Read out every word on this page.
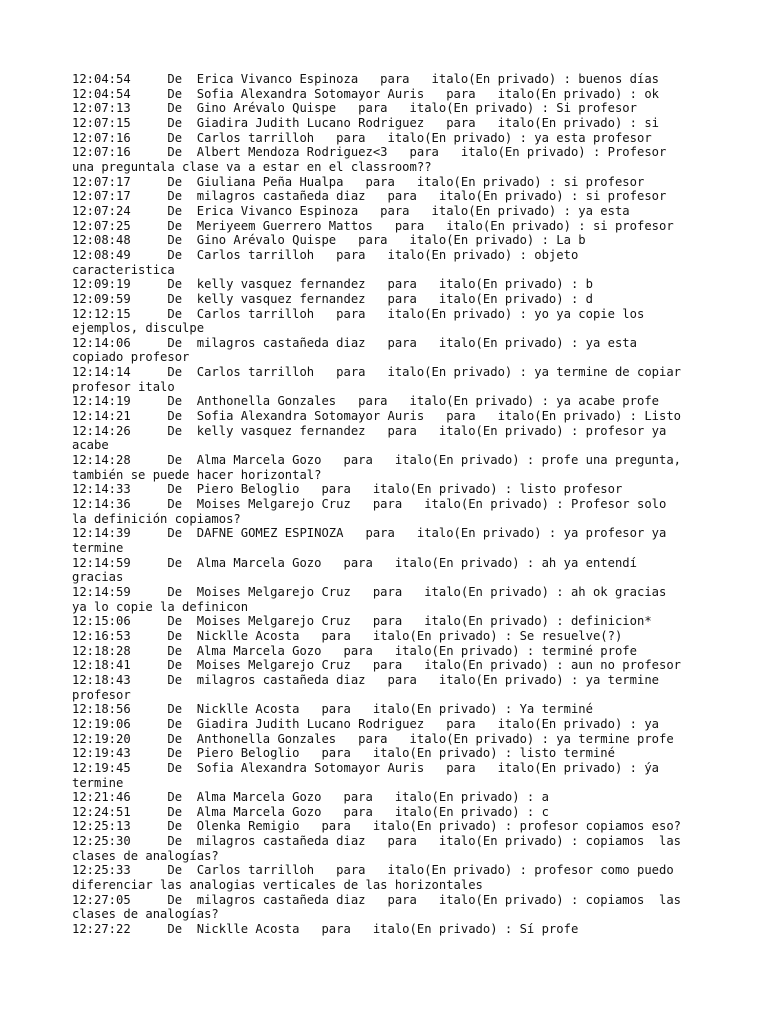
12:04:54     De  Erica Vivanco Espinoza   para   italo(En privado) : buenos días
12:04:54     De  Sofia Alexandra Sotomayor Auris   para   italo(En privado) : ok
12:07:13     De  Gino Arévalo Quispe   para   italo(En privado) : Si profesor
12:07:15     De  Giadira Judith Lucano Rodriguez   para   italo(En privado) : si
12:07:16     De  Carlos tarrilloh   para   italo(En privado) : ya esta profesor
12:07:16     De  Albert Mendoza Rodriguez<3   para   italo(En privado) : Profesor
una preguntala clase va a estar en el classroom??
12:07:17     De  Giuliana Peña Hualpa   para   italo(En privado) : si profesor
12:07:17     De  milagros castañeda diaz   para   italo(En privado) : si profesor
12:07:24     De  Erica Vivanco Espinoza   para   italo(En privado) : ya esta
12:07:25     De  Meriyeem Guerrero Mattos   para   italo(En privado) : si profesor
12:08:48     De  Gino Arévalo Quispe   para   italo(En privado) : La b
12:08:49     De  Carlos tarrilloh   para   italo(En privado) : objeto
caracteristica
12:09:19     De  kelly vasquez fernandez   para   italo(En privado) : b
12:09:59     De  kelly vasquez fernandez   para   italo(En privado) : d
12:12:15     De  Carlos tarrilloh   para   italo(En privado) : yo ya copie los
ejemplos, disculpe
12:14:06     De  milagros castañeda diaz   para   italo(En privado) : ya esta
copiado profesor
12:14:14     De  Carlos tarrilloh   para   italo(En privado) : ya termine de copiar
profesor italo
12:14:19     De  Anthonella Gonzales   para   italo(En privado) : ya acabe profe
12:14:21     De  Sofia Alexandra Sotomayor Auris   para   italo(En privado) : Listo
12:14:26     De  kelly vasquez fernandez   para   italo(En privado) : profesor ya
acabe
12:14:28     De  Alma Marcela Gozo   para   italo(En privado) : profe una pregunta,
también se puede hacer horizontal?
12:14:33     De  Piero Beloglio   para   italo(En privado) : listo profesor
12:14:36     De  Moises Melgarejo Cruz   para   italo(En privado) : Profesor solo
la definición copiamos?
12:14:39     De  DAFNE GOMEZ ESPINOZA   para   italo(En privado) : ya profesor ya
termine
12:14:59     De  Alma Marcela Gozo   para   italo(En privado) : ah ya entendí
gracias
12:14:59     De  Moises Melgarejo Cruz   para   italo(En privado) : ah ok gracias
ya lo copie la definicon
12:15:06     De  Moises Melgarejo Cruz   para   italo(En privado) : definicion*
12:16:53     De  Nicklle Acosta   para   italo(En privado) : Se resuelve(?)
12:18:28     De  Alma Marcela Gozo   para   italo(En privado) : terminé profe
12:18:41     De  Moises Melgarejo Cruz   para   italo(En privado) : aun no profesor
12:18:43     De  milagros castañeda diaz   para   italo(En privado) : ya termine
profesor
12:18:56     De  Nicklle Acosta   para   italo(En privado) : Ya terminé
12:19:06     De  Giadira Judith Lucano Rodriguez   para   italo(En privado) : ya
12:19:20     De  Anthonella Gonzales   para   italo(En privado) : ya termine profe
12:19:43     De  Piero Beloglio   para   italo(En privado) : listo terminé
12:19:45     De  Sofia Alexandra Sotomayor Auris   para   italo(En privado) : ýa
termine
12:21:46     De  Alma Marcela Gozo   para   italo(En privado) : a
12:24:51     De  Alma Marcela Gozo   para   italo(En privado) : c
12:25:13     De  Olenka Remigio   para   italo(En privado) : profesor copiamos eso?
12:25:30     De  milagros castañeda diaz   para   italo(En privado) : copiamos  las
clases de analogías?
12:25:33     De  Carlos tarrilloh   para   italo(En privado) : profesor como puedo
diferenciar las analogias verticales de las horizontales
12:27:05     De  milagros castañeda diaz   para   italo(En privado) : copiamos  las
clases de analogías?
12:27:22     De  Nicklle Acosta   para   italo(En privado) : Sí profe
